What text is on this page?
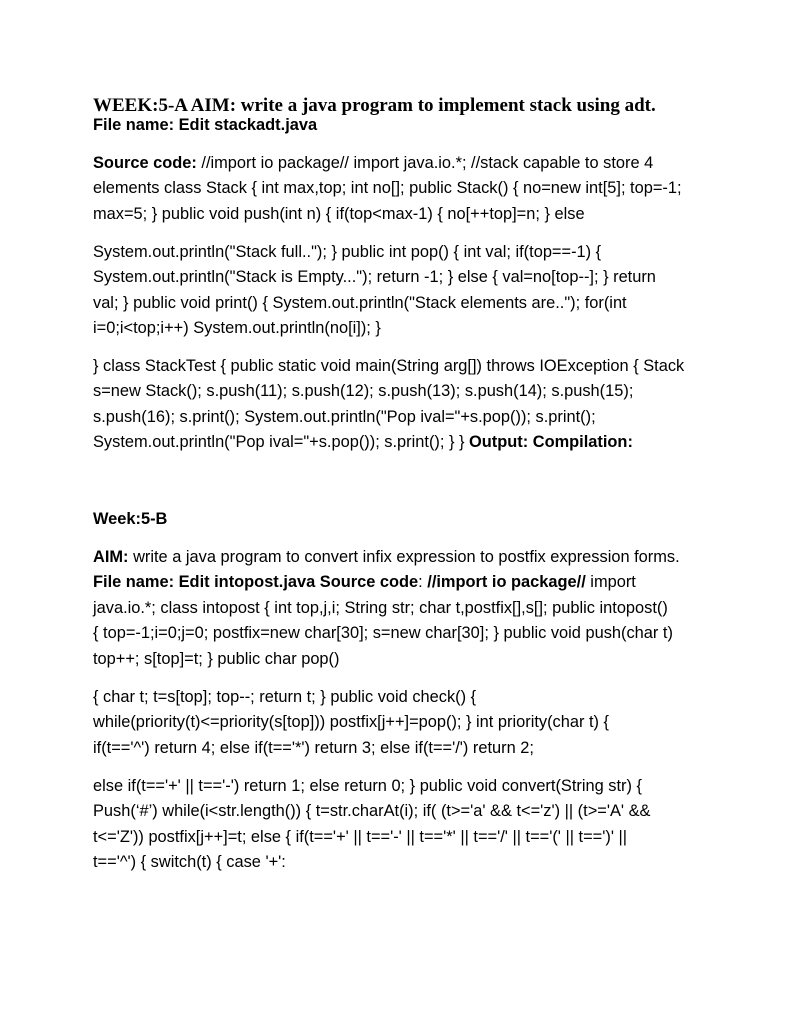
WEEK:5-A AIM: write a java program to implement stack using adt.
File name: Edit stackadt.java
Source code: //import io package// import java.io.*; //stack capable to store 4
elements class Stack { int max,top; int no[]; public Stack() { no=new int[5]; top=-1;
max=5; } public void push(int n) { if(top<max-1) { no[++top]=n; } else
System.out.println("Stack full.."); } public int pop() { int val; if(top==-1) {
System.out.println("Stack is Empty..."); return -1; } else { val=no[top--]; } return
val; } public void print() { System.out.println("Stack elements are.."); for(int
i=0;i<top;i++) System.out.println(no[i]); }
} class StackTest { public static void main(String arg[]) throws IOException { Stack
s=new Stack(); s.push(11); s.push(12); s.push(13); s.push(14); s.push(15);
s.push(16); s.print(); System.out.println("Pop ival="+s.pop()); s.print();
System.out.println("Pop ival="+s.pop()); s.print(); } } Output: Compilation:
Week:5-B
AIM: write a java program to convert infix expression to postfix expression forms.
File name: Edit intopost.java Source code: //import io package// import
java.io.*; class intopost { int top,j,i; String str; char t,postfix[],s[]; public intopost()
{ top=-1;i=0;j=0; postfix=new char[30]; s=new char[30]; } public void push(char t)
top++; s[top]=t; } public char pop()
{ char t; t=s[top]; top--; return t; } public void check() {
while(priority(t)<=priority(s[top])) postfix[j++]=pop(); } int priority(char t) {
if(t=='^') return 4; else if(t=='*') return 3; else if(t=='/') return 2;
else if(t=='+' || t=='-') return 1; else return 0; } public void convert(String str) {
Push(‘#’) while(i<str.length()) { t=str.charAt(i); if( (t>='a' && t<='z') || (t>='A' &&
t<='Z')) postfix[j++]=t; else { if(t=='+' || t=='-' || t=='*' || t=='/' || t=='(' || t==')' ||
t=='^') { switch(t) { case '+':
